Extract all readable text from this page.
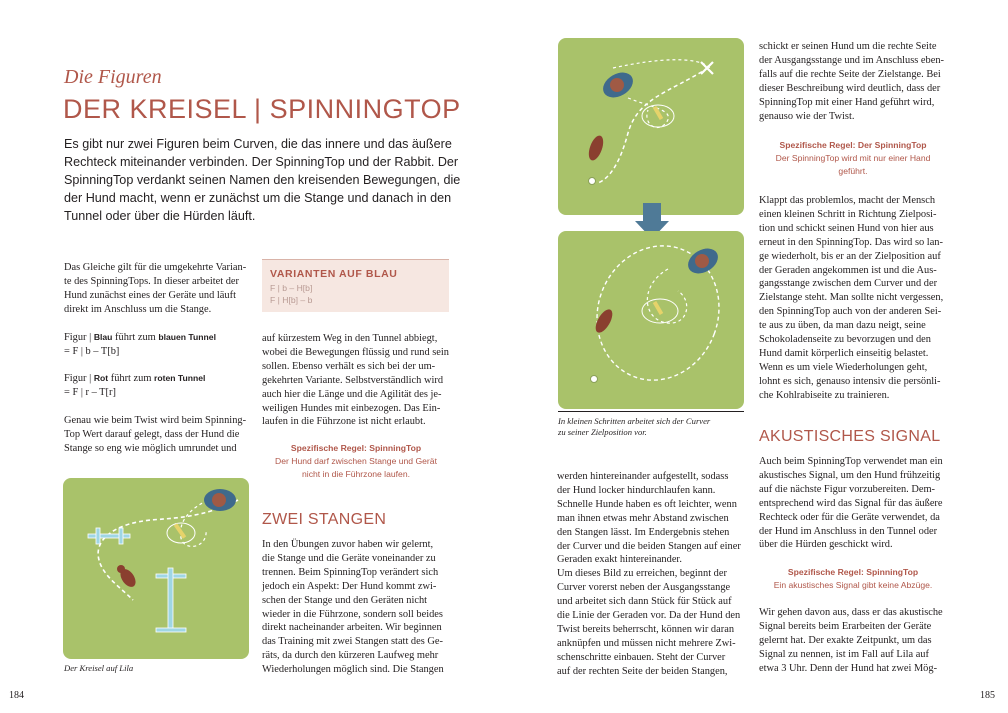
Die Figuren
DER KREISEL | SPINNINGTOP
Es gibt nur zwei Figuren beim Curven, die das innere und das äußere
Rechteck miteinander verbinden. Der SpinningTop und der Rabbit. Der
SpinningTop verdankt seinen Namen den kreisenden Bewegungen, die
der Hund macht, wenn er zunächst um die Stange und danach in den
Tunnel oder über die Hürden läuft.
Das Gleiche gilt für die umgekehrte Varian-
te des SpinningTops. In dieser arbeitet der
Hund zunächst eines der Geräte und läuft
direkt im Anschluss um die Stange.
Figur | Blau führt zum blauen Tunnel
= F | b – T[b]
Figur | Rot führt zum roten Tunnel
= F | r – T[r]
Genau wie beim Twist wird beim Spinning-
Top Wert darauf gelegt, dass der Hund die
Stange so eng wie möglich umrundet und
VARIANTEN AUF BLAU
F | b – H[b]
F | H[b] – b
auf kürzestem Weg in den Tunnel abbiegt,
wobei die Bewegungen flüssig und rund sein
sollen. Ebenso verhält es sich bei der um-
gekehrten Variante. Selbstverständlich wird
auch hier die Länge und die Agilität des je-
weiligen Hundes mit einbezogen. Das Ein-
laufen in die Führzone ist nicht erlaubt.
Spezifische Regel: SpinningTop
Der Hund darf zwischen Stange und Gerät
nicht in die Führzone laufen.
ZWEI STANGEN
In den Übungen zuvor haben wir gelernt,
die Stange und die Geräte voneinander zu
trennen. Beim SpinningTop verändert sich
jedoch ein Aspekt: Der Hund kommt zwi-
schen der Stange und den Geräten nicht
wieder in die Führzone, sondern soll beides
direkt nacheinander arbeiten. Wir beginnen
das Training mit zwei Stangen statt des Ge-
räts, da durch den kürzeren Laufweg mehr
Wiederholungen möglich sind. Die Stangen
Der Kreisel auf Lila
184
In kleinen Schritten arbeitet sich der Curver
zu seiner Zielposition vor.
werden hintereinander aufgestellt, sodass
der Hund locker hindurchlaufen kann.
Schnelle Hunde haben es oft leichter, wenn
man ihnen etwas mehr Abstand zwischen
den Stangen lässt. Im Endergebnis stehen
der Curver und die beiden Stangen auf einer
Geraden exakt hintereinander.
Um dieses Bild zu erreichen, beginnt der
Curver vorerst neben der Ausgangsstange
und arbeitet sich dann Stück für Stück auf
die Linie der Geraden vor. Da der Hund den
Twist bereits beherrscht, können wir daran
anknüpfen und müssen nicht mehrere Zwi-
schenschritte einbauen. Steht der Curver
auf der rechten Seite der beiden Stangen,
schickt er seinen Hund um die rechte Seite
der Ausgangsstange und im Anschluss eben-
falls auf die rechte Seite der Zielstange. Bei
dieser Beschreibung wird deutlich, dass der
SpinningTop mit einer Hand geführt wird,
genauso wie der Twist.
Spezifische Regel: Der SpinningTop
Der SpinningTop wird mit nur einer Hand
geführt.
Klappt das problemlos, macht der Mensch
einen kleinen Schritt in Richtung Zielposi-
tion und schickt seinen Hund von hier aus
erneut in den SpinningTop. Das wird so lan-
ge wiederholt, bis er an der Zielposition auf
der Geraden angekommen ist und die Aus-
gangsstange zwischen dem Curver und der
Zielstange steht. Man sollte nicht vergessen,
den SpinningTop auch von der anderen Sei-
te aus zu üben, da man dazu neigt, seine
Schokoladenseite zu bevorzugen und den
Hund damit körperlich einseitig belastet.
Wenn es um viele Wiederholungen geht,
lohnt es sich, genauso intensiv die persönli-
che Kohlrabiseite zu trainieren.
AKUSTISCHES SIGNAL
Auch beim SpinningTop verwendet man ein
akustisches Signal, um den Hund frühzeitig
auf die nächste Figur vorzubereiten. Dem-
entsprechend wird das Signal für das äußere
Rechteck oder für die Geräte verwendet, da
der Hund im Anschluss in den Tunnel oder
über die Hürden geschickt wird.
Spezifische Regel: SpinningTop
Ein akustisches Signal gibt keine Abzüge.
Wir gehen davon aus, dass er das akustische
Signal bereits beim Erarbeiten der Geräte
gelernt hat. Der exakte Zeitpunkt, um das
Signal zu nennen, ist im Fall auf Lila auf
etwa 3 Uhr. Denn der Hund hat zwei Mög-
185
